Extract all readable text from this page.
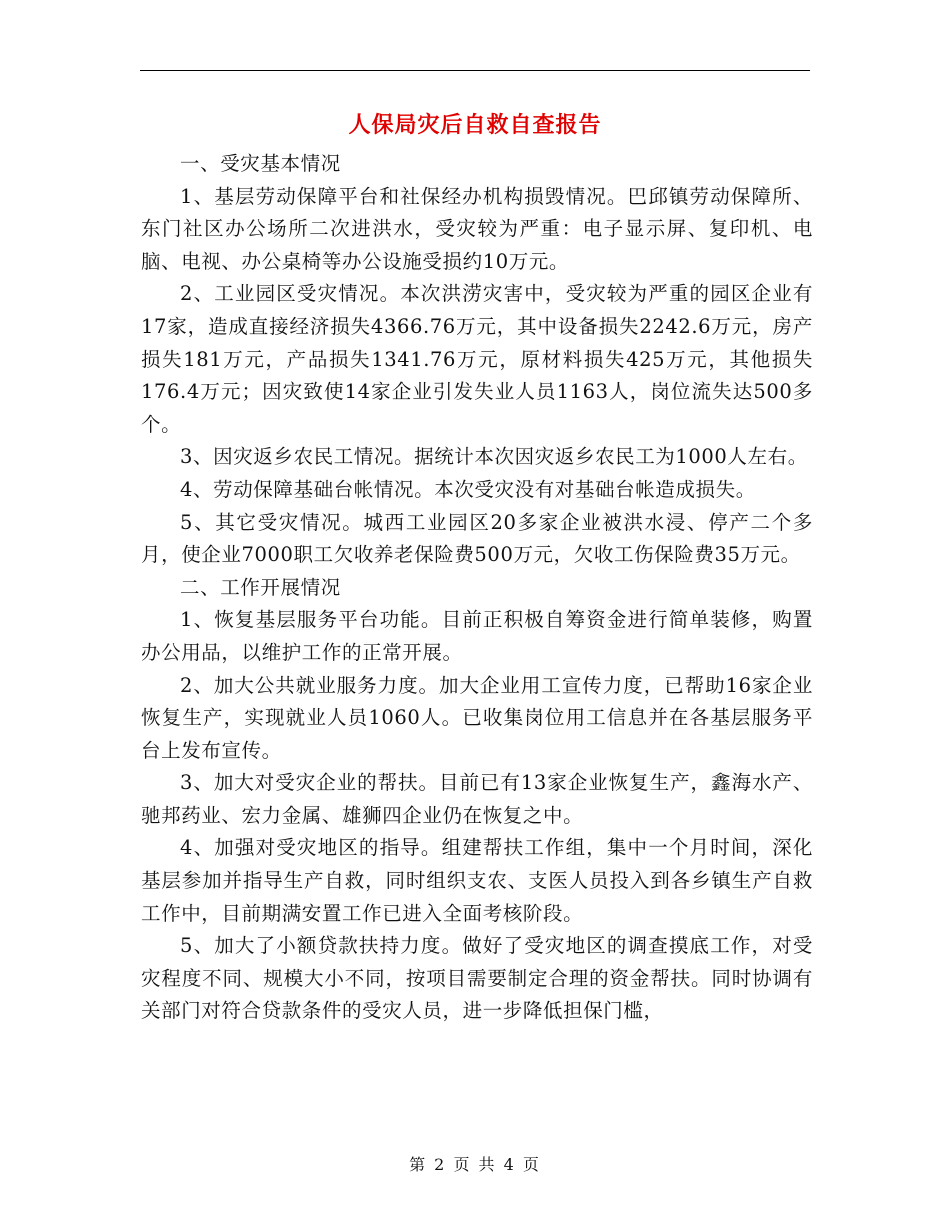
人保局灾后自救自查报告

一、受灾基本情况

1、基层劳动保障平台和社保经办机构损毁情况。巴邱镇劳动保障所、东门社区办公场所二次进洪水，受灾较为严重：电子显示屏、复印机、电脑、电视、办公桌椅等办公设施受损约10万元。

2、工业园区受灾情况。本次洪涝灾害中，受灾较为严重的园区企业有17家，造成直接经济损失4366.76万元，其中设备损失2242.6万元，房产损失181万元，产品损失1341.76万元，原材料损失425万元，其他损失176.4万元；因灾致使14家企业引发失业人员1163人，岗位流失达500多个。

3、因灾返乡农民工情况。据统计本次因灾返乡农民工为1000人左右。

4、劳动保障基础台帐情况。本次受灾没有对基础台帐造成损失。

5、其它受灾情况。城西工业园区20多家企业被洪水浸、停产二个多月，使企业7000职工欠收养老保险费500万元，欠收工伤保险费35万元。

二、工作开展情况

1、恢复基层服务平台功能。目前正积极自筹资金进行简单装修，购置办公用品，以维护工作的正常开展。

2、加大公共就业服务力度。加大企业用工宣传力度，已帮助16家企业恢复生产，实现就业人员1060人。已收集岗位用工信息并在各基层服务平台上发布宣传。

3、加大对受灾企业的帮扶。目前已有13家企业恢复生产，鑫海水产、驰邦药业、宏力金属、雄狮四企业仍在恢复之中。

4、加强对受灾地区的指导。组建帮扶工作组，集中一个月时间，深化基层参加并指导生产自救，同时组织支农、支医人员投入到各乡镇生产自救工作中，目前期满安置工作已进入全面考核阶段。

5、加大了小额贷款扶持力度。做好了受灾地区的调查摸底工作，对受灾程度不同、规模大小不同，按项目需要制定合理的资金帮扶。同时协调有关部门对符合贷款条件的受灾人员，进一步降低担保门槛，

第 2 页 共 4 页
